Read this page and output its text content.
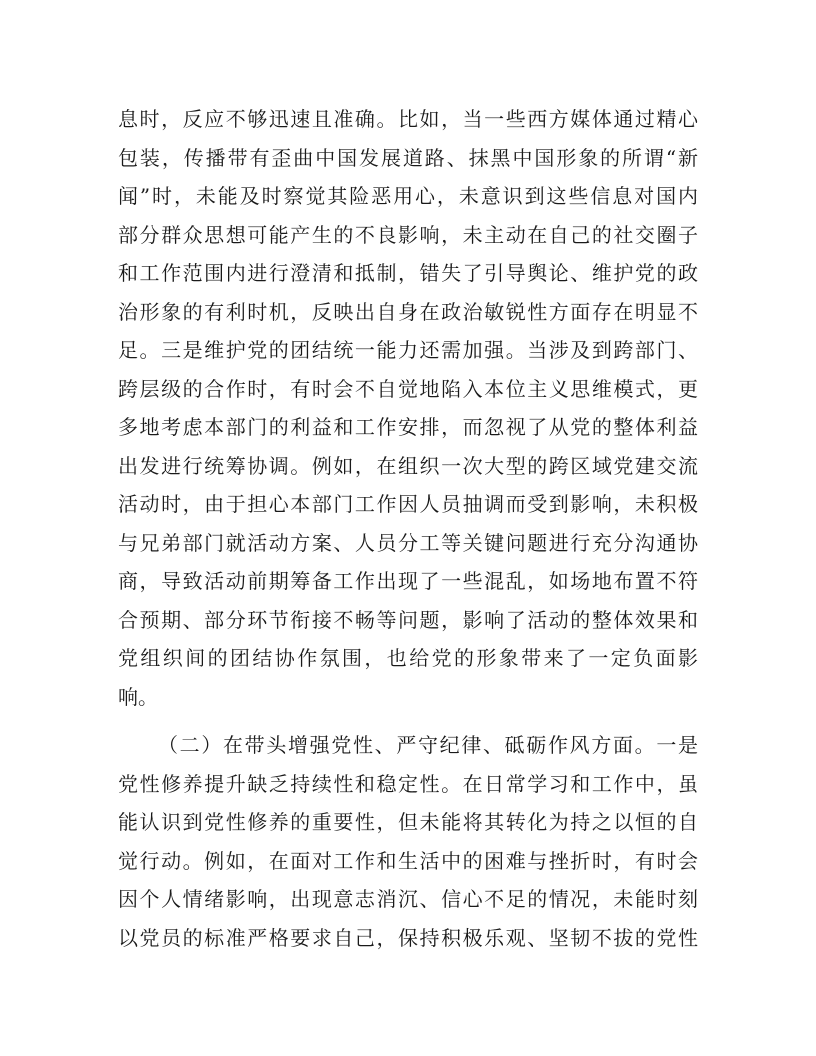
息时，反应不够迅速且准确。比如，当一些西方媒体通过精心
包装，传播带有歪曲中国发展道路、抹黑中国形象的所谓“新
闻”时，未能及时察觉其险恶用心，未意识到这些信息对国内
部分群众思想可能产生的不良影响，未主动在自己的社交圈子
和工作范围内进行澄清和抵制，错失了引导舆论、维护党的政
治形象的有利时机，反映出自身在政治敏锐性方面存在明显不
足。三是维护党的团结统一能力还需加强。当涉及到跨部门、
跨层级的合作时，有时会不自觉地陷入本位主义思维模式，更
多地考虑本部门的利益和工作安排，而忽视了从党的整体利益
出发进行统筹协调。例如，在组织一次大型的跨区域党建交流
活动时，由于担心本部门工作因人员抽调而受到影响，未积极
与兄弟部门就活动方案、人员分工等关键问题进行充分沟通协
商，导致活动前期筹备工作出现了一些混乱，如场地布置不符
合预期、部分环节衔接不畅等问题，影响了活动的整体效果和
党组织间的团结协作氛围，也给党的形象带来了一定负面影
响。
（二）在带头增强党性、严守纪律、砥砺作风方面。一是
党性修养提升缺乏持续性和稳定性。在日常学习和工作中，虽
能认识到党性修养的重要性，但未能将其转化为持之以恒的自
觉行动。例如，在面对工作和生活中的困难与挫折时，有时会
因个人情绪影响，出现意志消沉、信心不足的情况，未能时刻
以党员的标准严格要求自己，保持积极乐观、坚韧不拔的党性
